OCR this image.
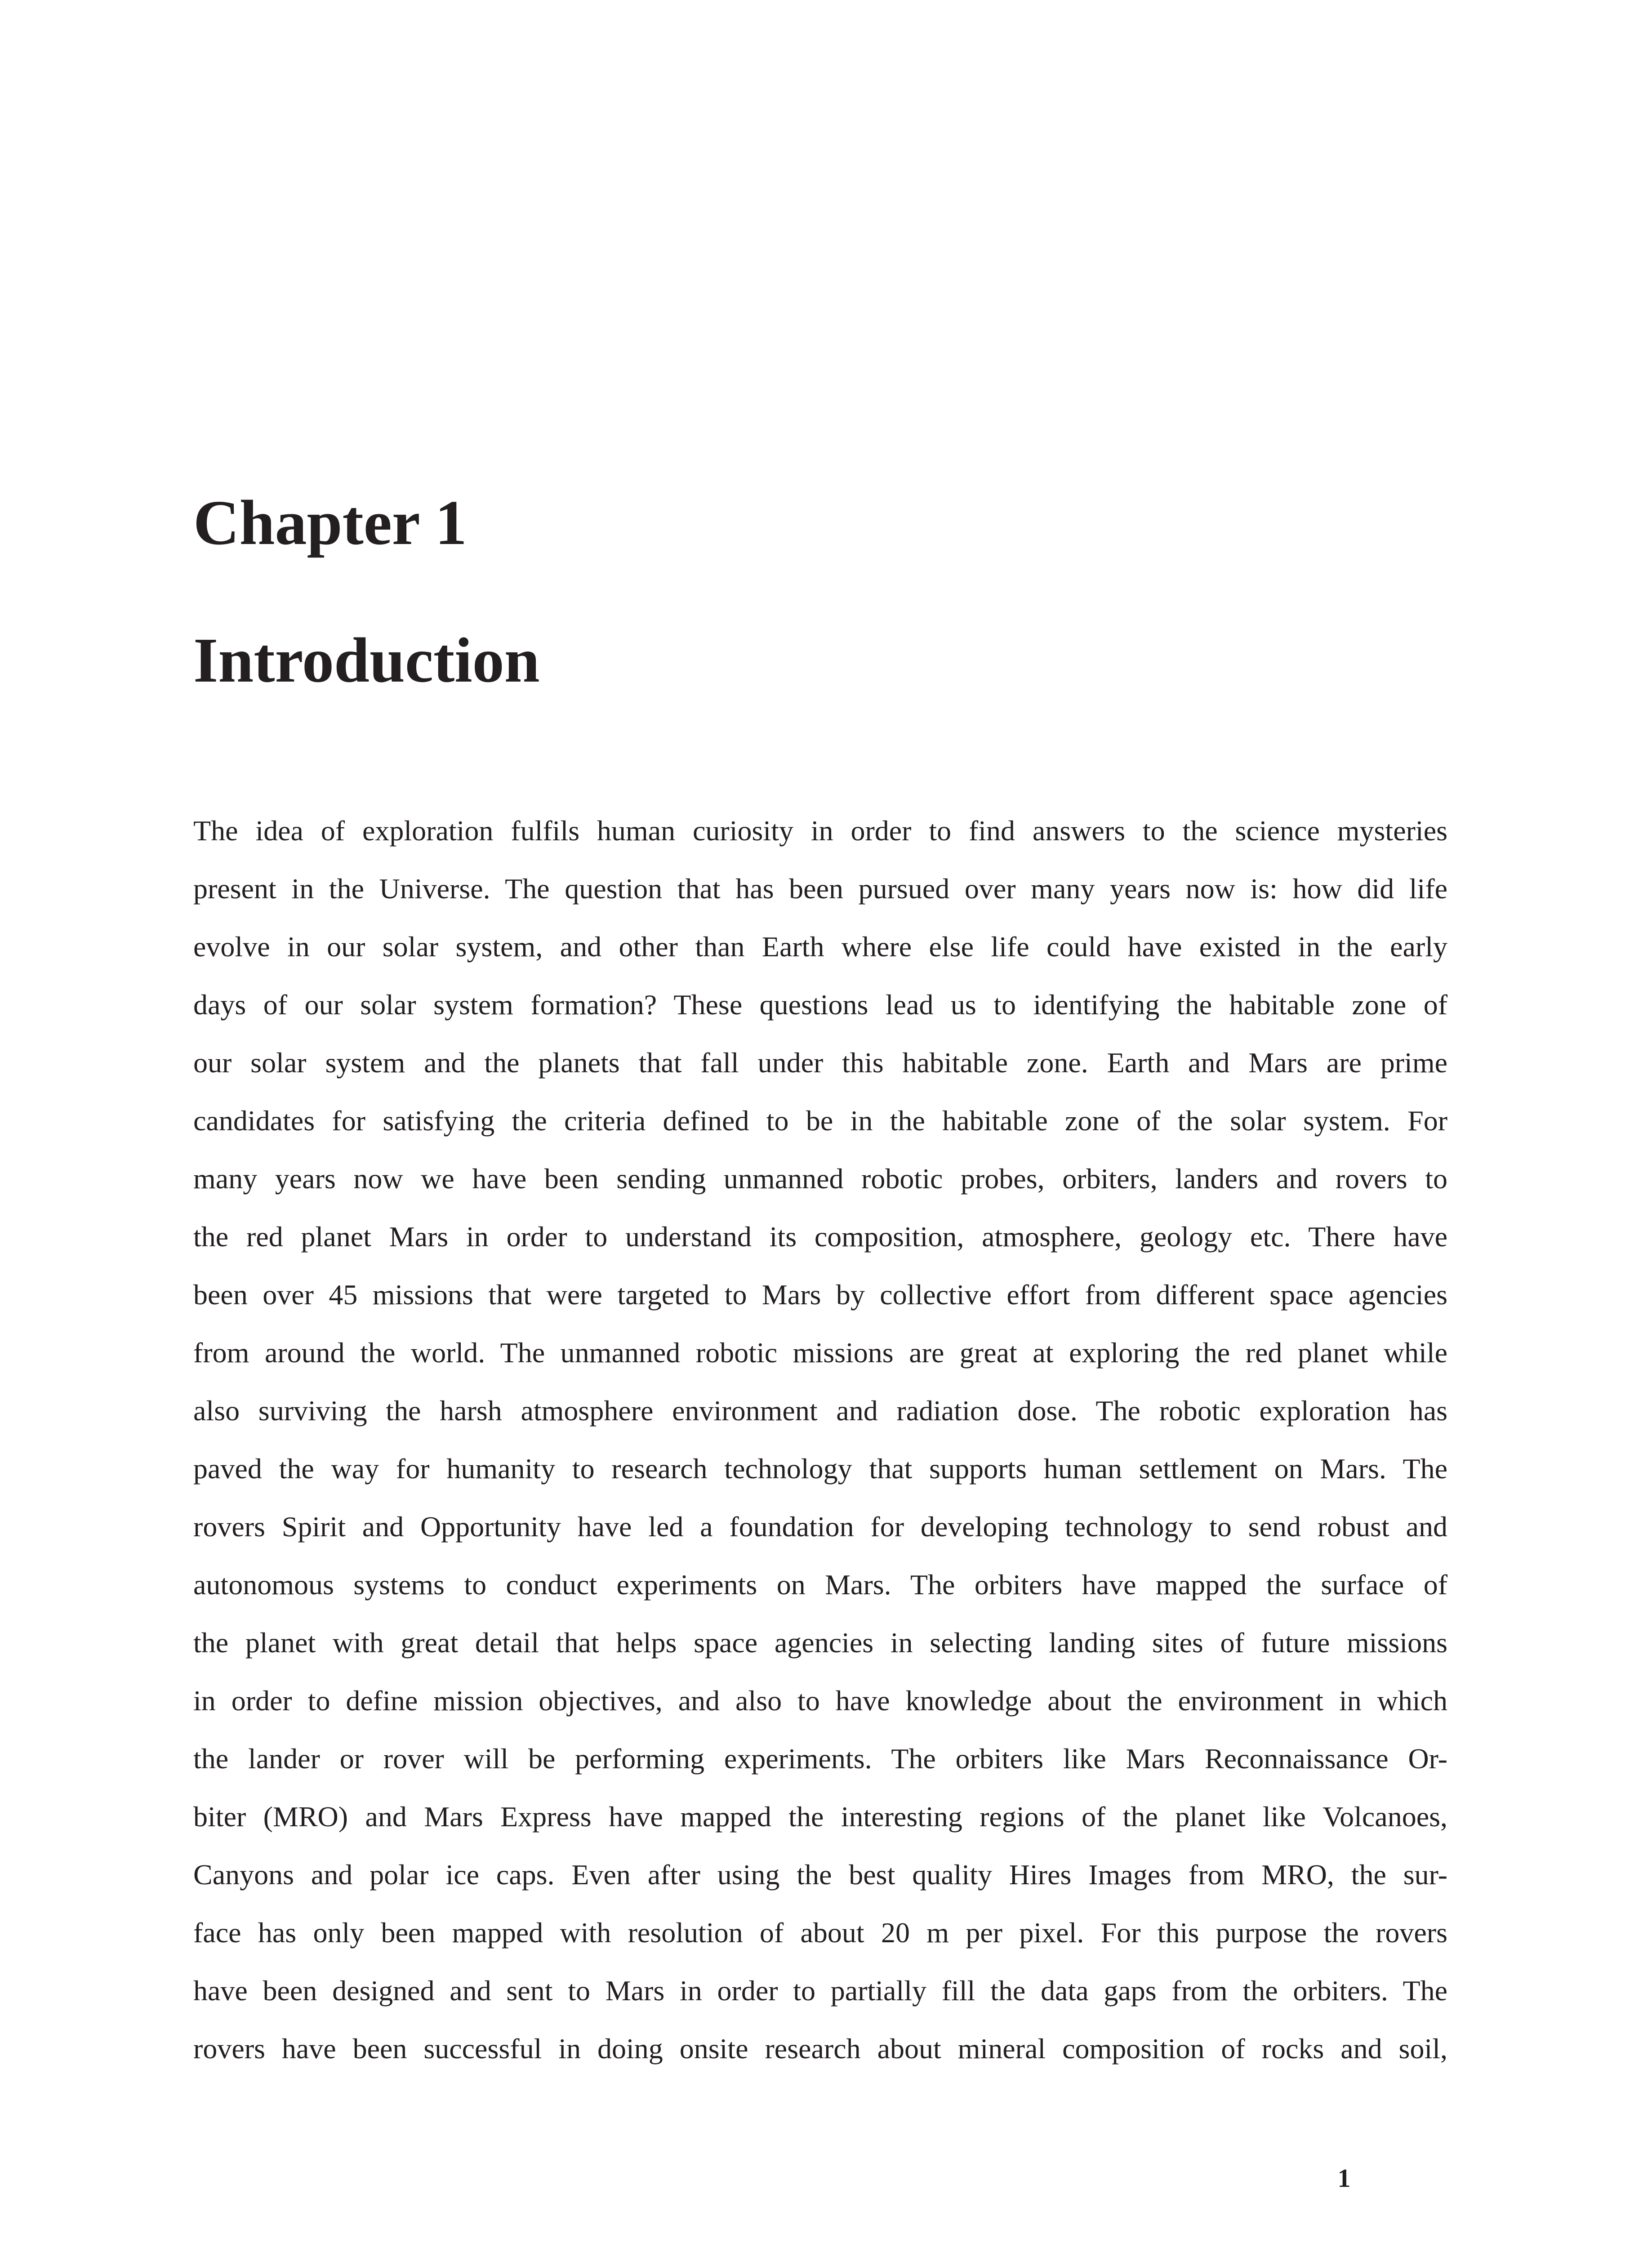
Chapter 1
Introduction
The idea of exploration fulfils human curiosity in order to find answers to the science mysteries
present in the Universe. The question that has been pursued over many years now is: how did life
evolve in our solar system, and other than Earth where else life could have existed in the early
days of our solar system formation? These questions lead us to identifying the habitable zone of
our solar system and the planets that fall under this habitable zone. Earth and Mars are prime
candidates for satisfying the criteria defined to be in the habitable zone of the solar system. For
many years now we have been sending unmanned robotic probes, orbiters, landers and rovers to
the red planet Mars in order to understand its composition, atmosphere, geology etc. There have
been over 45 missions that were targeted to Mars by collective effort from different space agencies
from around the world. The unmanned robotic missions are great at exploring the red planet while
also surviving the harsh atmosphere environment and radiation dose. The robotic exploration has
paved the way for humanity to research technology that supports human settlement on Mars. The
rovers Spirit and Opportunity have led a foundation for developing technology to send robust and
autonomous systems to conduct experiments on Mars. The orbiters have mapped the surface of
the planet with great detail that helps space agencies in selecting landing sites of future missions
in order to define mission objectives, and also to have knowledge about the environment in which
the lander or rover will be performing experiments. The orbiters like Mars Reconnaissance Or-
biter (MRO) and Mars Express have mapped the interesting regions of the planet like Volcanoes,
Canyons and polar ice caps. Even after using the best quality Hires Images from MRO, the sur-
face has only been mapped with resolution of about 20 m per pixel. For this purpose the rovers
have been designed and sent to Mars in order to partially fill the data gaps from the orbiters. The
rovers have been successful in doing onsite research about mineral composition of rocks and soil,
1
